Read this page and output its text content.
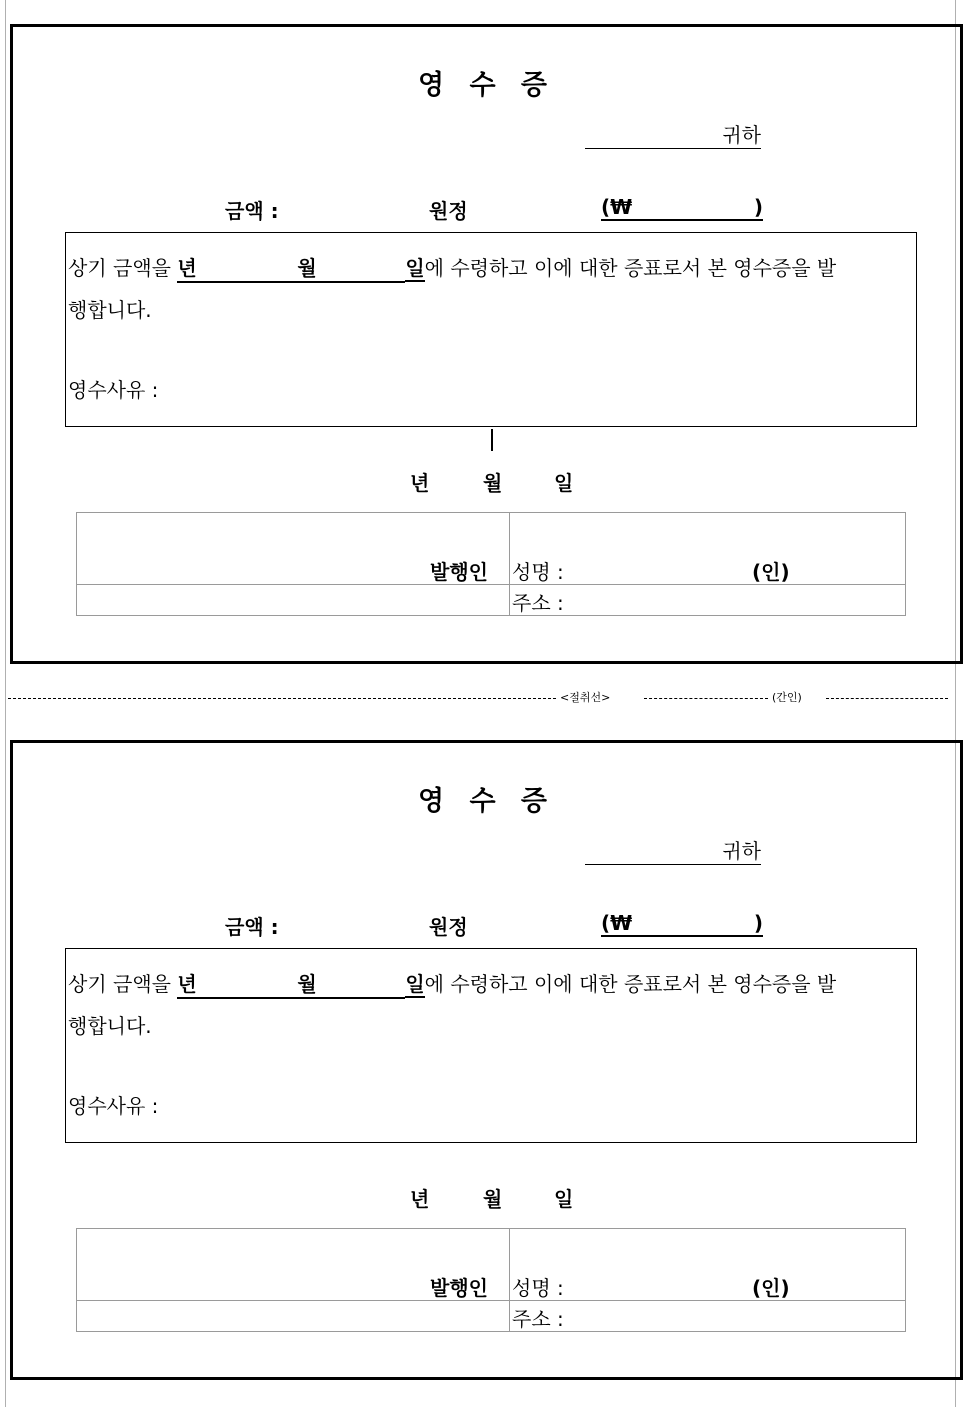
영 수 증
귀하
금액 :	원정	(₩	)
상기 금액을 년	월	일에 수령하고 이에 대한 증표로서 본 영수증을 발
행합니다.
영수사유 :
년	월	일
발행인 성명 :	(인)
주소 :
<절취선>	(간인)
영 수 증
귀하
금액 :	원정	(₩	)
상기 금액을 년	월	일에 수령하고 이에 대한 증표로서 본 영수증을 발
행합니다.
영수사유 :
년	월	일
발행인 성명 :	(인)
주소 :
